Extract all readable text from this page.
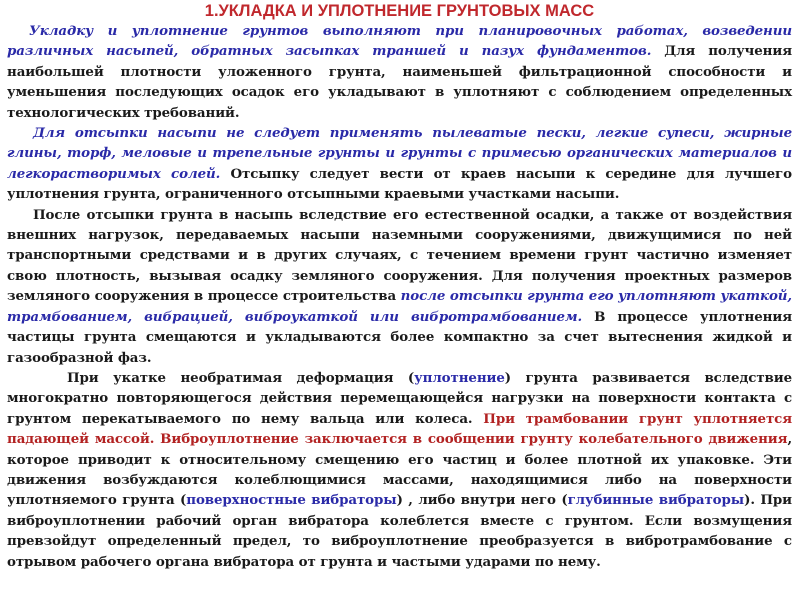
1.УКЛАДКА И УПЛОТНЕНИЕ ГРУНТОВЫХ МАСС

Укладку и уплотнение грунтов выполняют при планировочных работах, возведении различных насыпей, обратных засыпках траншей и пазух фундаментов. Для получения наибольшей плотности уложенного грунта, наименьшей фильтрационной способности и уменьшения последующих осадок его укладывают в уплотняют с соблюдением определенных технологических требований.

Для отсыпки насыпи не следует применять пылеватые пески, легкие супеси, жирные глины, торф, меловые и трепельные грунты и грунты с примесью органических материалов и легкорастворимых солей. Отсыпку следует вести от краев насыпи к середине для лучшего уплотнения грунта, ограниченного отсыпными краевыми участками насыпи.

После отсыпки грунта в насыпь вследствие его естественной осадки, а также от воздействия внешних нагрузок, передаваемых насыпи наземными сооружениями, движущимися по ней транспортными средствами и в других случаях, с течением времени грунт частично изменяет свою плотность, вызывая осадку земляного сооружения. Для получения проектных размеров земляного сооружения в процессе строительства после отсыпки грунта его уплотняют укаткой, трамбованием, вибрацией, виброукаткой или вибротрамбованием. В процессе уплотнения частицы грунта смещаются и укладываются более компактно за счет вытеснения жидкой и газообразной фаз.

При укатке необратимая деформация (уплотнение) грунта развивается вследствие многократно повторяющегося действия перемещающейся нагрузки на поверхности контакта с грунтом перекатываемого по нему вальца или колеса. При трамбовании грунт уплотняется падающей массой. Виброуплотнение заключается в сообщении грунту колебательного движения, которое приводит к относительному смещению его частиц и более плотной их упаковке. Эти движения возбуждаются колеблющимися массами, находящимися либо на поверхности уплотняемого грунта (поверхностные вибраторы) , либо внутри него (глубинные вибраторы). При виброуплотнении рабочий орган вибратора колеблется вместе с грунтом. Если возмущения превзойдут определенный предел, то виброуплотнение преобразуется в вибротрамбование с отрывом рабочего органа вибратора от грунта и частыми ударами по нему.
